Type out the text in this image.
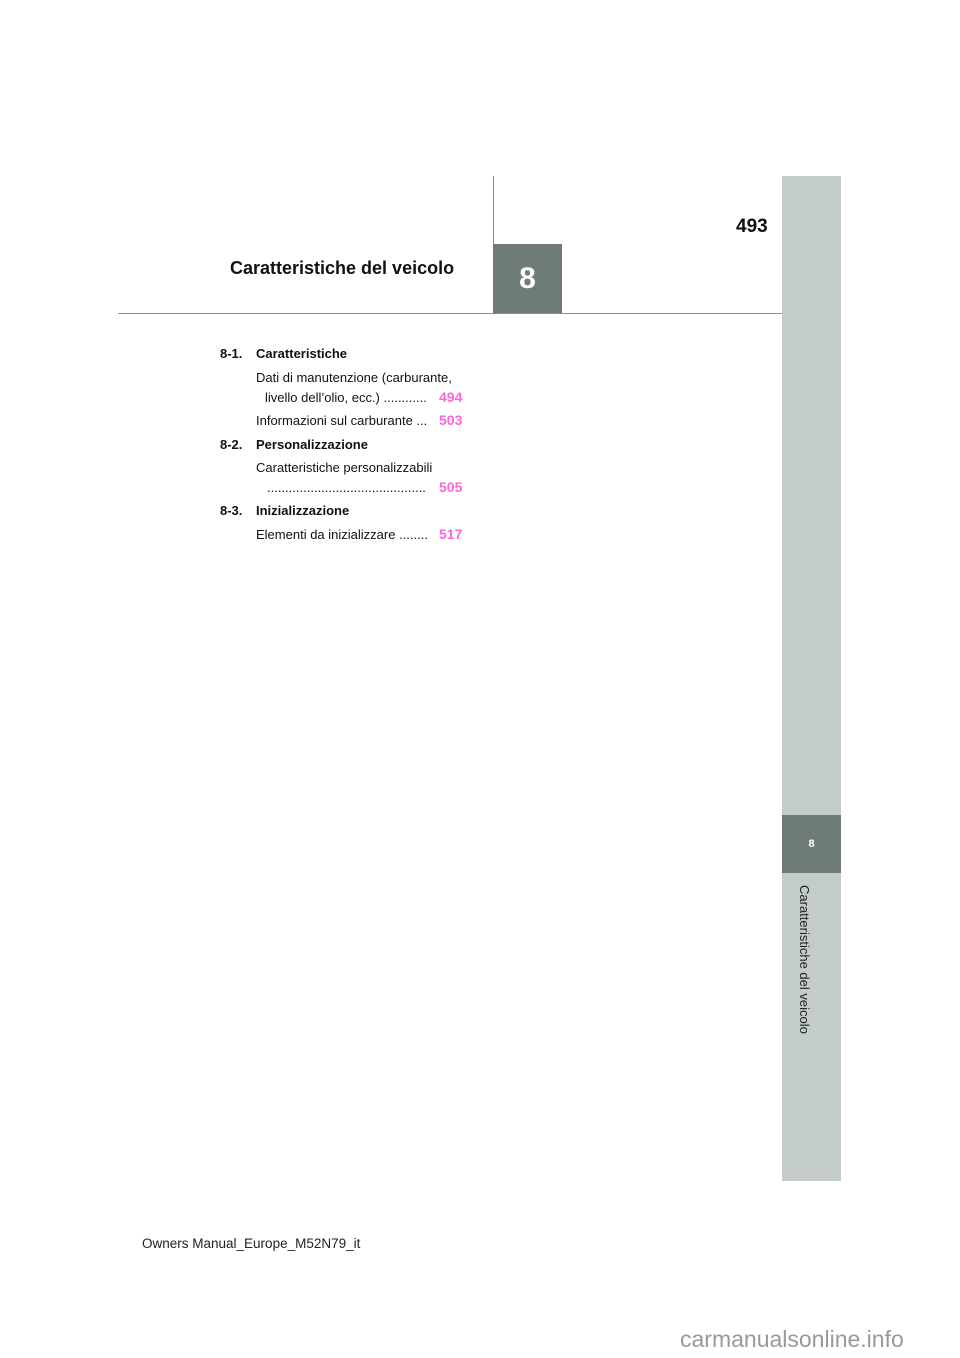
8
8
Caratteristiche del veicolo
493
Caratteristiche del veicolo
8-1. Caratteristiche
Dati di manutenzione (carburante,
livello dell’olio, ecc.) ............ 494
Informazioni sul carburante ... 503
8-2. Personalizzazione
Caratteristiche personalizzabili
............................................ 505
8-3. Inizializzazione
Elementi da inizializzare ........ 517
Owners Manual_Europe_M52N79_it
carmanualsonline.info
